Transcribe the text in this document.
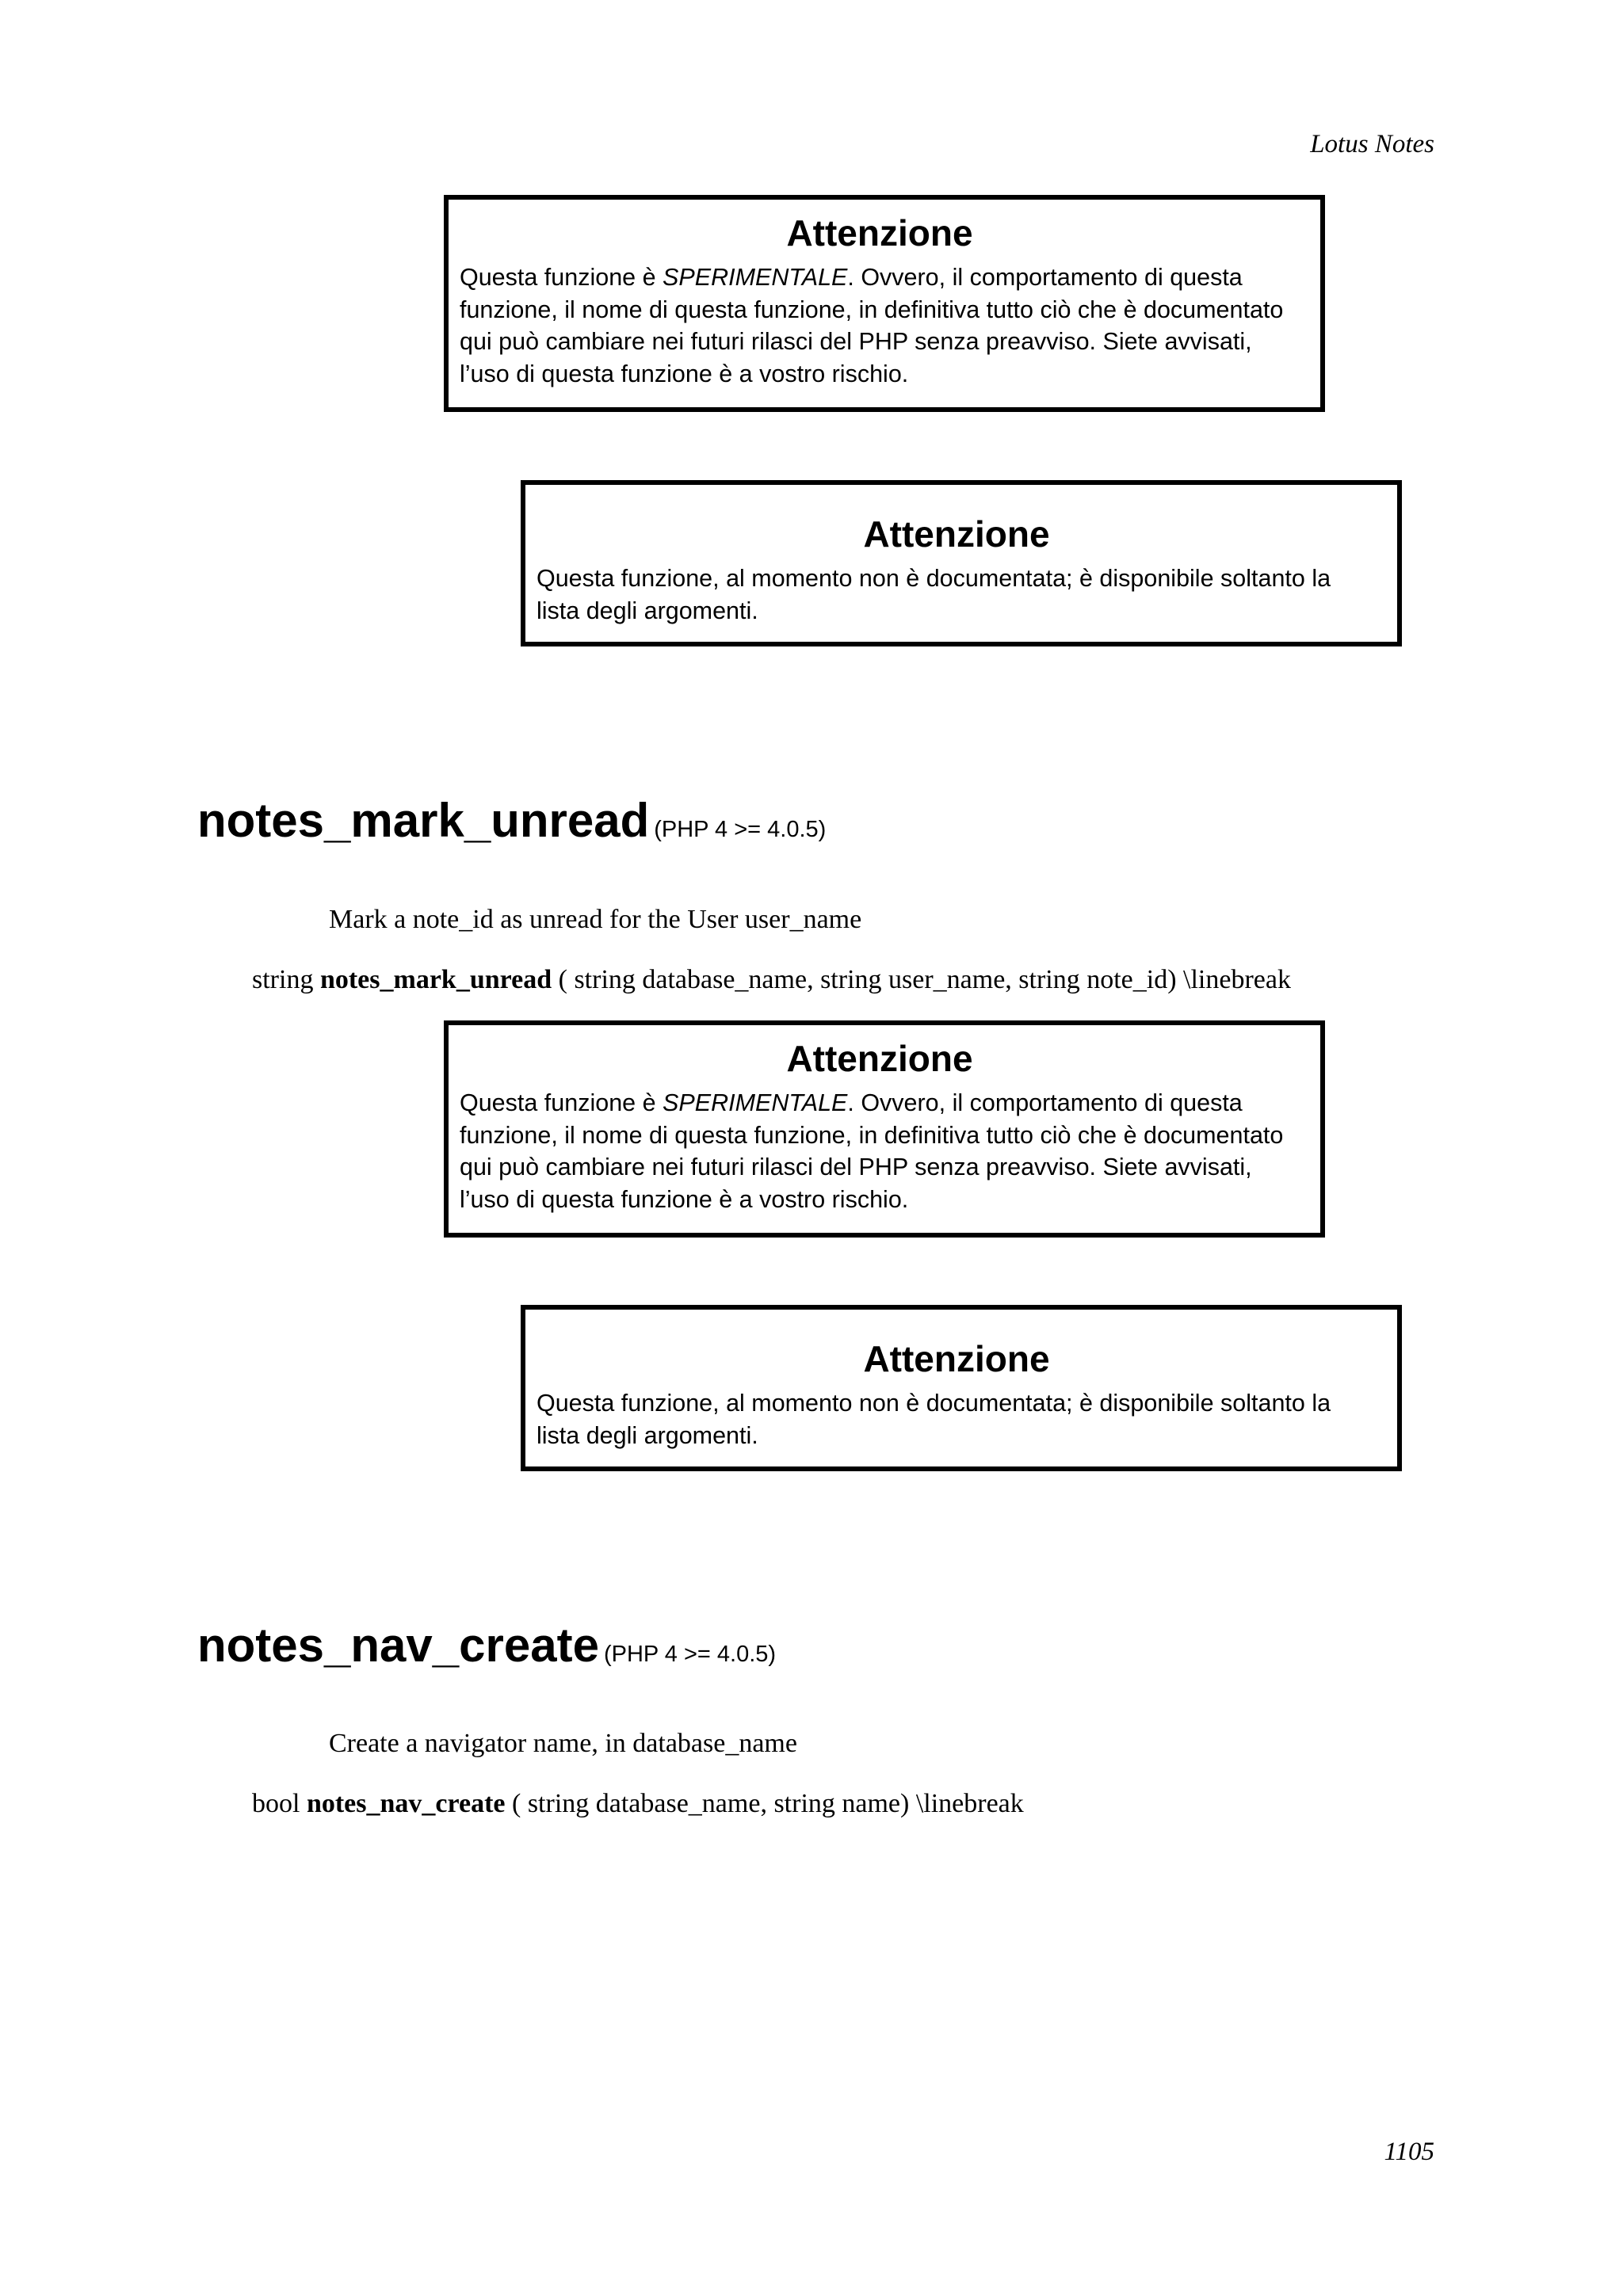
Lotus Notes
Attenzione

Questa funzione è SPERIMENTALE. Ovvero, il comportamento di questa funzione, il nome di questa funzione, in definitiva tutto ciò che è documentato qui può cambiare nei futuri rilasci del PHP senza preavviso. Siete avvisati, l’uso di questa funzione è a vostro rischio.

Attenzione

Questa funzione, al momento non è documentata; è disponibile soltanto la lista degli argomenti.

notes_mark_unread (PHP 4 >= 4.0.5)
Mark a note_id as unread for the User user_name
string notes_mark_unread ( string database_name, string user_name, string note_id) \linebreak
Attenzione

Questa funzione è SPERIMENTALE. Ovvero, il comportamento di questa funzione, il nome di questa funzione, in definitiva tutto ciò che è documentato qui può cambiare nei futuri rilasci del PHP senza preavviso. Siete avvisati, l’uso di questa funzione è a vostro rischio.

Attenzione

Questa funzione, al momento non è documentata; è disponibile soltanto la lista degli argomenti.

notes_nav_create (PHP 4 >= 4.0.5)
Create a navigator name, in database_name
bool notes_nav_create ( string database_name, string name) \linebreak
1105
